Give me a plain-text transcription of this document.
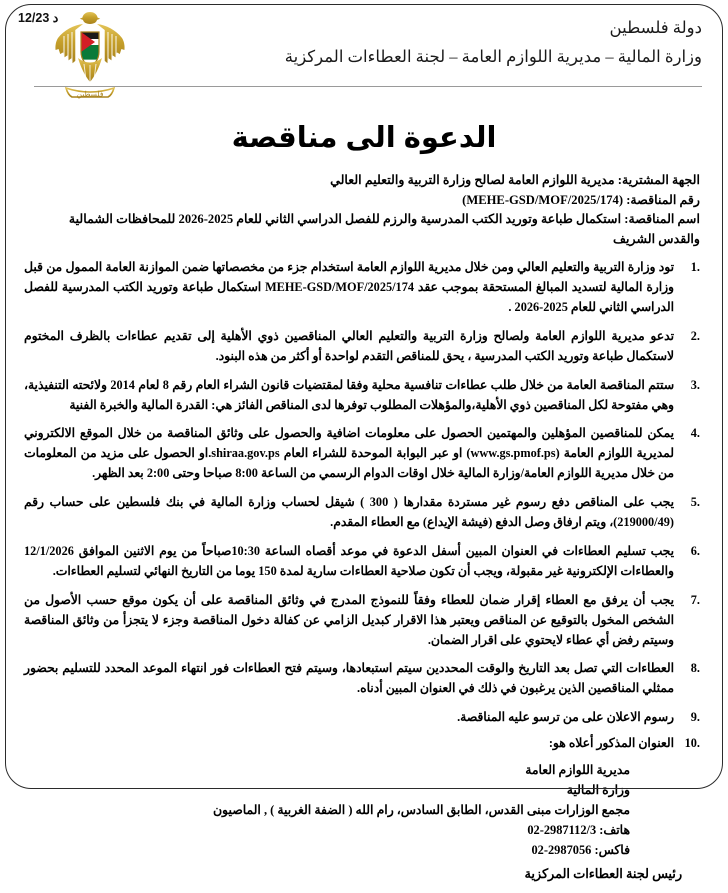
د 12/23
فلسطين
دولة فلسطين
وزارة المالية – مديرية اللوازم العامة – لجنة العطاءات المركزية
الدعوة الى مناقصة
الجهة المشترية: مديرية اللوازم العامة لصالح وزارة التربية والتعليم العالي
رقم المناقصة: (MEHE-GSD/MOF/2025/174)
اسم المناقصة: استكمال طباعة وتوريد الكتب المدرسية والرزم للفصل الدراسي الثاني للعام 2025-2026 للمحافظات الشمالية والقدس الشريف
1.
تود وزارة التربية والتعليم العالي ومن خلال مديرية اللوازم العامة استخدام جزء من مخصصاتها ضمن الموازنة العامة الممول من قبل وزارة المالية لتسديد المبالغ المستحقة بموجب عقد MEHE-GSD/MOF/2025/174 استكمال طباعة وتوريد الكتب المدرسية للفصل الدراسي الثاني للعام 2025-2026 .
2.
تدعو مديرية اللوازم العامة ولصالح وزارة التربية والتعليم العالي المناقصين ذوي الأهلية إلى تقديم عطاءات بالظرف المختوم لاستكمال طباعة وتوريد الكتب المدرسية ، يحق للمناقص التقدم لواحدة أو أكثر من هذه البنود.
3.
ستتم المناقصة العامة من خلال طلب عطاءات تنافسية محلية وفقا لمقتضيات قانون الشراء العام رقم 8 لعام 2014 ولائحته التنفيذية، وهي مفتوحة لكل المناقصين ذوي الأهلية،والمؤهلات المطلوب توفرها لدى المناقص الفائز هي: القدرة المالية والخبرة الفنية
4.
يمكن للمناقصين المؤهلين والمهتمين الحصول على معلومات اضافية والحصول على وثائق المناقصة من خلال الموقع الالكتروني لمديرية اللوازم العامة (www.gs.pmof.ps) او عبر البوابة الموحدة للشراء العام shiraa.gov.ps.او الحصول على مزيد من المعلومات من خلال مديرية اللوازم العامة/وزارة المالية خلال اوقات الدوام الرسمي من الساعة 8:00 صباحا وحتى 2:00 بعد الظهر.
5.
يجب على المناقص دفع رسوم غير مستردة مقدارها ( 300 ) شيقل لحساب وزارة المالية في بنك فلسطين على حساب رقم (219000/49)، ويتم ارفاق وصل الدفع (فيشة الإيداع) مع العطاء المقدم.
6.
يجب تسليم العطاءات في العنوان المبين أسفل الدعوة في موعد أقصاه الساعة 10:30صباحاً من يوم الاثنين الموافق 12/1/2026 والعطاءات الإلكترونية غير مقبولة، ويجب أن تكون صلاحية العطاءات سارية لمدة 150 يوما من التاريخ النهائي لتسليم العطاءات.
7.
يجب أن يرفق مع العطاء إقرار ضمان للعطاء وفقاً للنموذج المدرج في وثائق المناقصة على أن يكون موقع حسب الأصول من الشخص المخول بالتوقيع عن المناقص ويعتبر هذا الاقرار كبديل الزامي عن كفالة دخول المناقصة وجزء لا يتجزأ من وثائق المناقصة وسيتم رفض أي عطاء لايحتوي على اقرار الضمان.
8.
العطاءات التي تصل بعد التاريخ والوقت المحددين سيتم استبعادها، وسيتم فتح العطاءات فور انتهاء الموعد المحدد للتسليم بحضور ممثلي المناقصين الذين يرغبون في ذلك في العنوان المبين أدناه.
9.
رسوم الاعلان على من ترسو عليه المناقصة.
10.
العنوان المذكور أعلاه هو:
مديرية اللوازم العامة
وزارة المالية
مجمع الوزارات مبنى القدس، الطابق السادس، رام الله ( الضفة الغربية ) , الماصيون
هاتف: 02-2987112/3
فاكس: 02-2987056
رئيس لجنة العطاءات المركزية
